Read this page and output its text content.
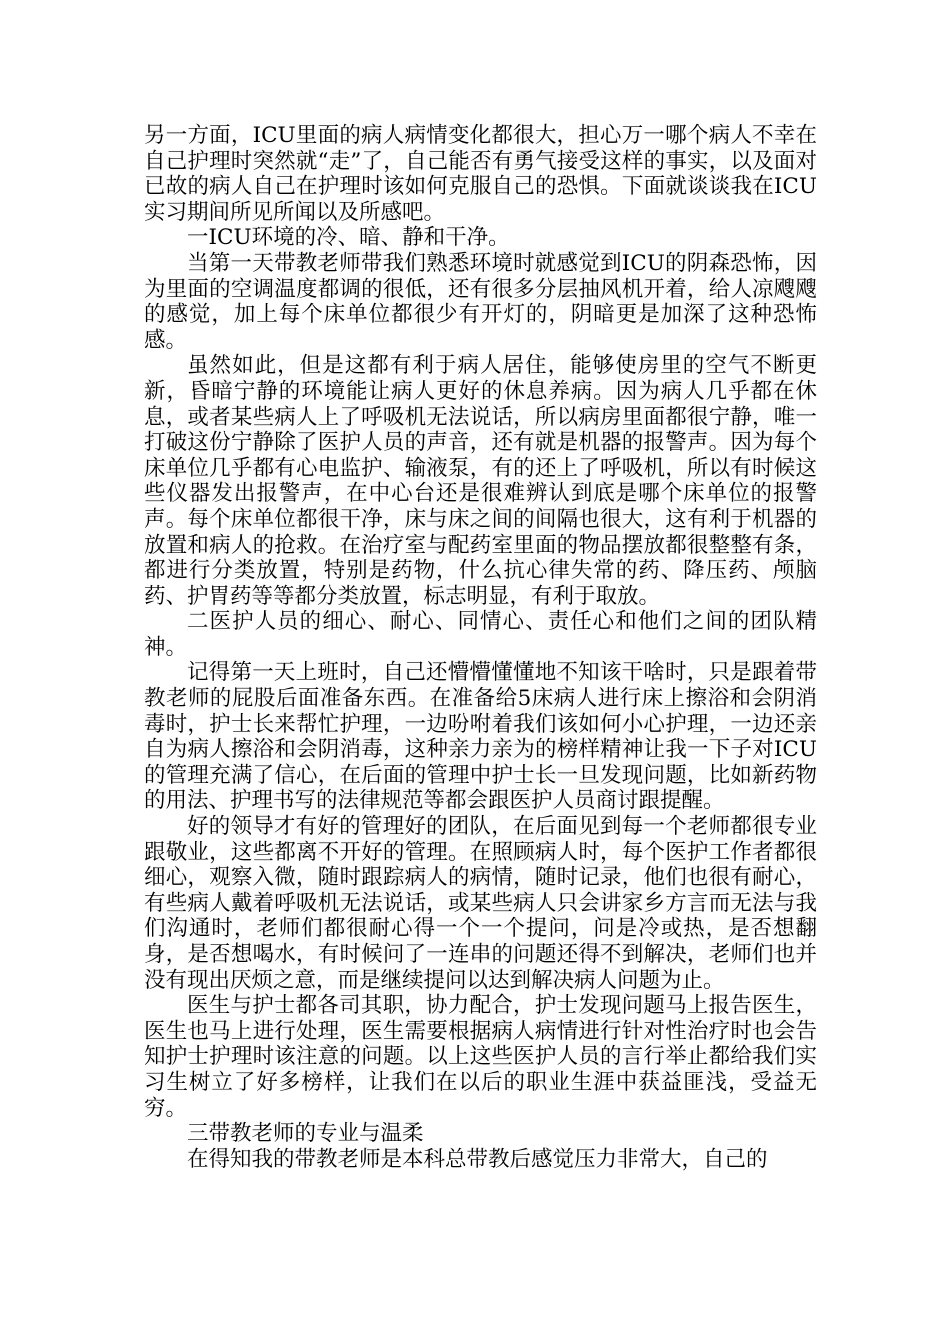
另一方面，ICU里面的病人病情变化都很大，担心万一哪个病人不幸在自己护理时突然就“走”了，自己能否有勇气接受这样的事实，以及面对已故的病人自己在护理时该如何克服自己的恐惧。下面就谈谈我在ICU实习期间所见所闻以及所感吧。

一ICU环境的冷、暗、静和干净。

当第一天带教老师带我们熟悉环境时就感觉到ICU的阴森恐怖，因为里面的空调温度都调的很低，还有很多分层抽风机开着，给人凉飕飕的感觉，加上每个床单位都很少有开灯的，阴暗更是加深了这种恐怖感。

虽然如此，但是这都有利于病人居住，能够使房里的空气不断更新，昏暗宁静的环境能让病人更好的休息养病。因为病人几乎都在休息，或者某些病人上了呼吸机无法说话，所以病房里面都很宁静，唯一打破这份宁静除了医护人员的声音，还有就是机器的报警声。因为每个床单位几乎都有心电监护、输液泵，有的还上了呼吸机，所以有时候这些仪器发出报警声，在中心台还是很难辨认到底是哪个床单位的报警声。每个床单位都很干净，床与床之间的间隔也很大，这有利于机器的放置和病人的抢救。在治疗室与配药室里面的物品摆放都很整整有条，都进行分类放置，特别是药物，什么抗心律失常的药、降压药、颅脑药、护胃药等等都分类放置，标志明显，有利于取放。

二医护人员的细心、耐心、同情心、责任心和他们之间的团队精神。

记得第一天上班时，自己还懵懵懂懂地不知该干啥时，只是跟着带教老师的屁股后面准备东西。在准备给5床病人进行床上擦浴和会阴消毒时，护士长来帮忙护理，一边吩咐着我们该如何小心护理，一边还亲自为病人擦浴和会阴消毒，这种亲力亲为的榜样精神让我一下子对ICU的管理充满了信心，在后面的管理中护士长一旦发现问题，比如新药物的用法、护理书写的法律规范等都会跟医护人员商讨跟提醒。

好的领导才有好的管理好的团队，在后面见到每一个老师都很专业跟敬业，这些都离不开好的管理。在照顾病人时，每个医护工作者都很细心，观察入微，随时跟踪病人的病情，随时记录，他们也很有耐心，有些病人戴着呼吸机无法说话，或某些病人只会讲家乡方言而无法与我们沟通时，老师们都很耐心得一个一个提问，问是冷或热，是否想翻身，是否想喝水，有时候问了一连串的问题还得不到解决，老师们也并没有现出厌烦之意，而是继续提问以达到解决病人问题为止。

医生与护士都各司其职，协力配合，护士发现问题马上报告医生，医生也马上进行处理，医生需要根据病人病情进行针对性治疗时也会告知护士护理时该注意的问题。以上这些医护人员的言行举止都给我们实习生树立了好多榜样，让我们在以后的职业生涯中获益匪浅，受益无穷。

三带教老师的专业与温柔

在得知我的带教老师是本科总带教后感觉压力非常大，自己的
